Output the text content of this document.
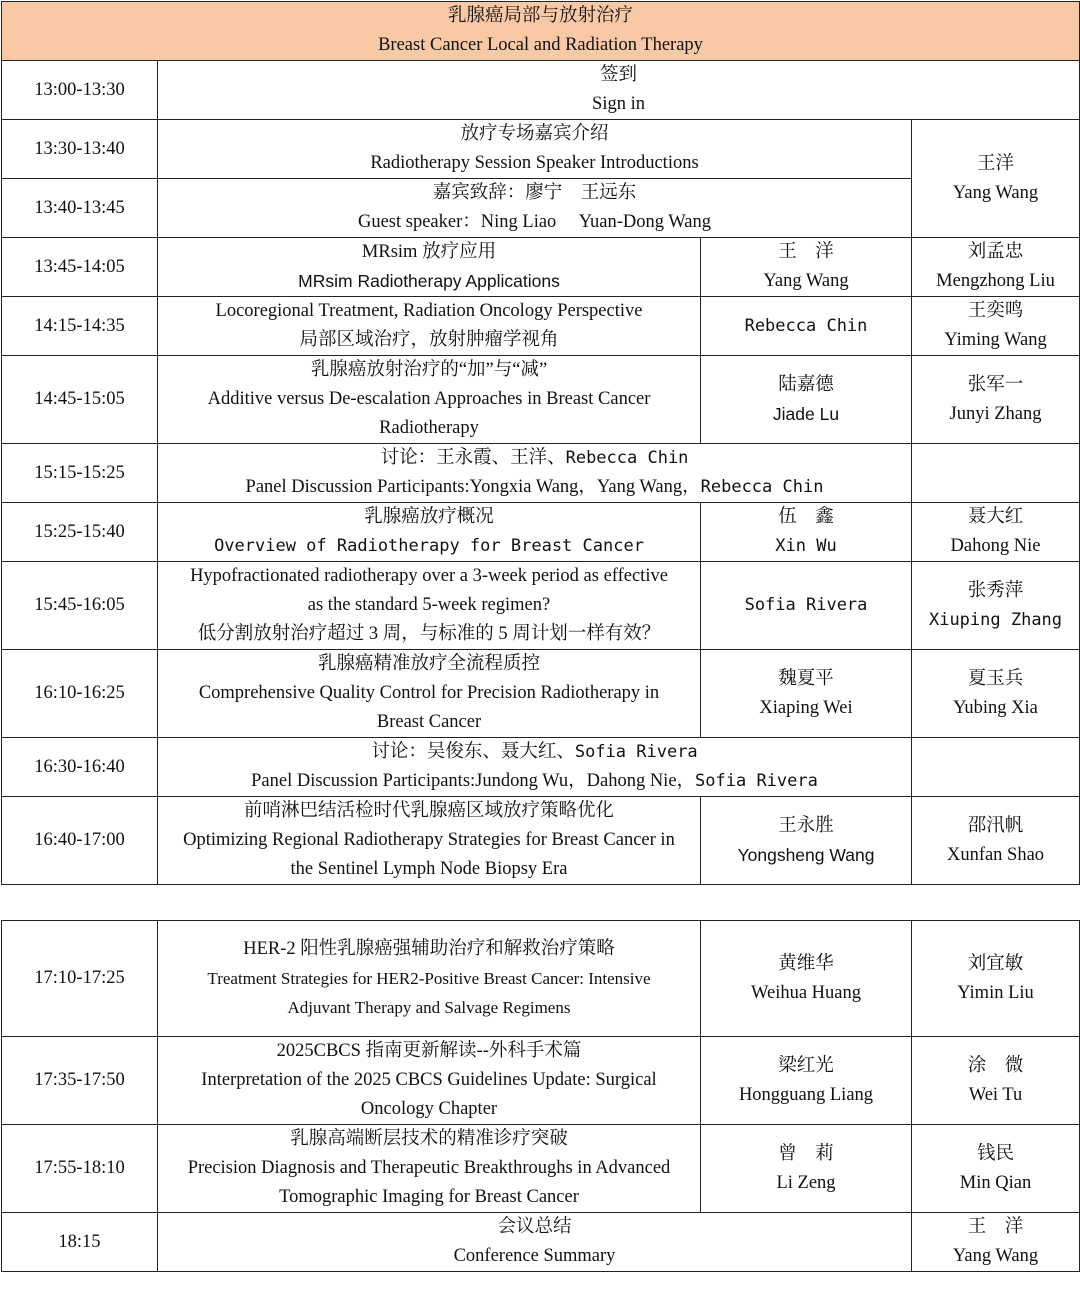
乳腺癌局部与放射治疗
Breast Cancer Local and Radiation Therapy			

13:00-13:30	签到
Sign in		

13:30-13:40	放疗专场嘉宾介绍
Radiotherapy Session Speaker Introductions		王洋
Yang Wang

13:40-13:45	嘉宾致辞：廖宁　王远东
Guest speaker：Ning Liao　 Yuan-Dong Wang		

13:45-14:05	MRsim 放疗应用
MRsim Radiotherapy Applications	王　洋
Yang Wang	刘孟忠
Mengzhong Liu

14:15-14:35	Locoregional Treatment, Radiation Oncology Perspective
局部区域治疗，放射肿瘤学视角	Rebecca Chin	王奕鸣
Yiming Wang

14:45-15:05	乳腺癌放射治疗的“加”与“减”
Additive versus De-escalation Approaches in Breast Cancer
Radiotherapy	陆嘉德
Jiade Lu	张军一
Junyi Zhang

15:15-15:25	讨论：王永霞、王洋、Rebecca Chin
Panel Discussion Participants:Yongxia Wang，Yang Wang，Rebecca Chin		

15:25-15:40	乳腺癌放疗概况
Overview of Radiotherapy for Breast Cancer	伍　鑫
Xin Wu	聂大红
Dahong Nie

15:45-16:05	Hypofractionated radiotherapy over a 3-week period as effective
as the standard 5-week regimen?
低分割放射治疗超过 3 周，与标准的 5 周计划一样有效？	Sofia Rivera	张秀萍
Xiuping Zhang

16:10-16:25	乳腺癌精准放疗全流程质控
Comprehensive Quality Control for Precision Radiotherapy in
Breast Cancer	魏夏平
Xiaping Wei	夏玉兵
Yubing Xia

16:30-16:40	讨论：吴俊东、聂大红、Sofia Rivera
Panel Discussion Participants:Jundong Wu，Dahong Nie，Sofia Rivera		

16:40-17:00	前哨淋巴结活检时代乳腺癌区域放疗策略优化
Optimizing Regional Radiotherapy Strategies for Breast Cancer in
the Sentinel Lymph Node Biopsy Era	王永胜
Yongsheng Wang	邵汛帆
Xunfan Shao
17:10-17:25	HER-2 阳性乳腺癌强辅助治疗和解救治疗策略
Treatment Strategies for HER2-Positive Breast Cancer: Intensive
Adjuvant Therapy and Salvage Regimens	黄维华
Weihua Huang	刘宜敏
Yimin Liu

17:35-17:50	2025CBCS 指南更新解读--外科手术篇
Interpretation of the 2025 CBCS Guidelines Update: Surgical
Oncology Chapter	梁红光
Hongguang Liang	涂　微
Wei Tu

17:55-18:10	乳腺高端断层技术的精准诊疗突破
Precision Diagnosis and Therapeutic Breakthroughs in Advanced
Tomographic Imaging for Breast Cancer	曾　莉
Li Zeng	钱民
Min Qian

18:15	会议总结
Conference Summary		王　洋
Yang Wang
